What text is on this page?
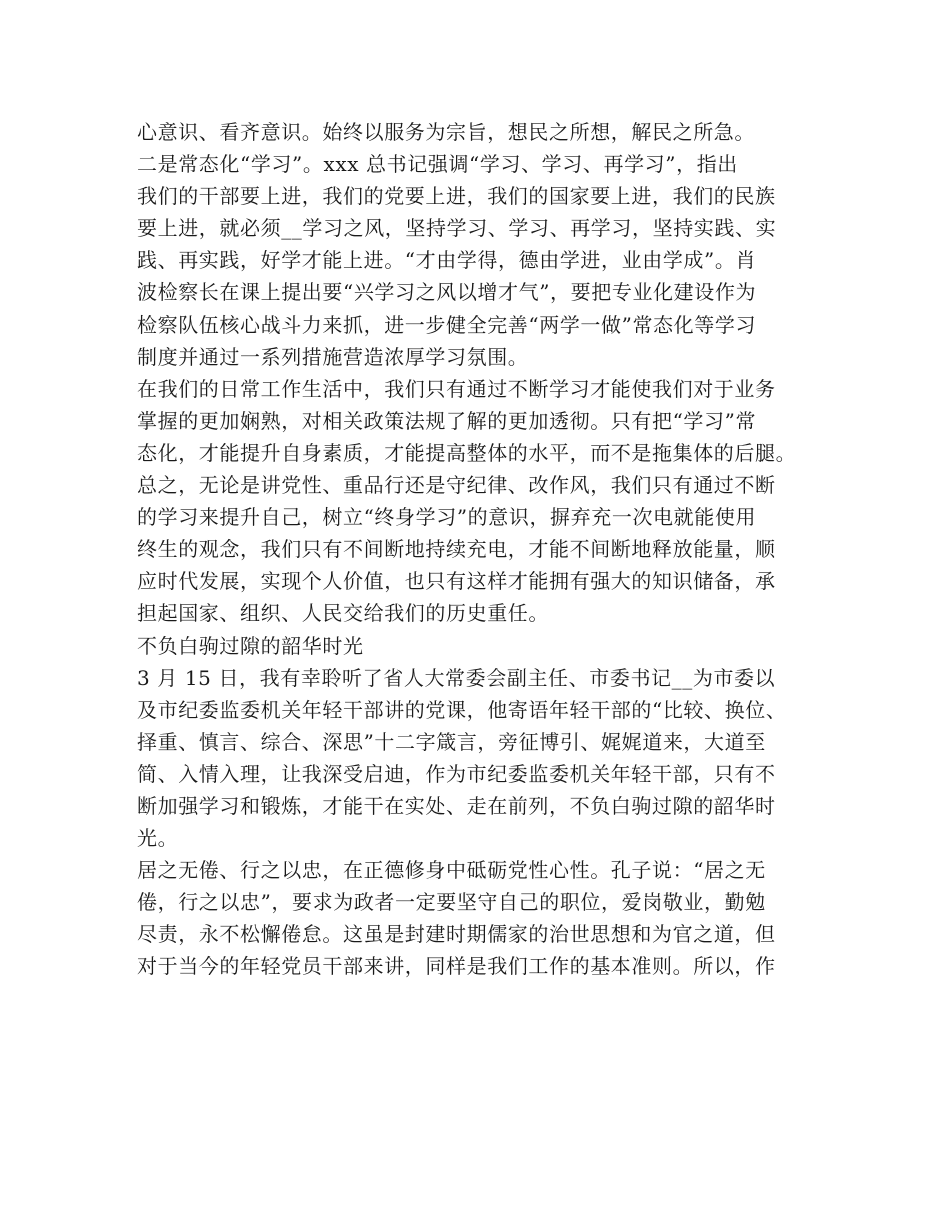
心意识、看齐意识。始终以服务为宗旨，想民之所想，解民之所急。
二是常态化“学习”。xxx 总书记强调“学习、学习、再学习”，指出
我们的干部要上进，我们的党要上进，我们的国家要上进，我们的民族
要上进，就必须__学习之风，坚持学习、学习、再学习，坚持实践、实
践、再实践，好学才能上进。“才由学得，德由学进，业由学成”。肖
波检察长在课上提出要“兴学习之风以增才气”，要把专业化建设作为
检察队伍核心战斗力来抓，进一步健全完善“两学一做”常态化等学习
制度并通过一系列措施营造浓厚学习氛围。
在我们的日常工作生活中，我们只有通过不断学习才能使我们对于业务
掌握的更加娴熟，对相关政策法规了解的更加透彻。只有把“学习”常
态化，才能提升自身素质，才能提高整体的水平，而不是拖集体的后腿。
总之，无论是讲党性、重品行还是守纪律、改作风，我们只有通过不断
的学习来提升自己，树立“终身学习”的意识，摒弃充一次电就能使用
终生的观念，我们只有不间断地持续充电，才能不间断地释放能量，顺
应时代发展，实现个人价值，也只有这样才能拥有强大的知识储备，承
担起国家、组织、人民交给我们的历史重任。
不负白驹过隙的韶华时光
3 月 15 日，我有幸聆听了省人大常委会副主任、市委书记__为市委以
及市纪委监委机关年轻干部讲的党课，他寄语年轻干部的“比较、换位、
择重、慎言、综合、深思”十二字箴言，旁征博引、娓娓道来，大道至
简、入情入理，让我深受启迪，作为市纪委监委机关年轻干部，只有不
断加强学习和锻炼，才能干在实处、走在前列，不负白驹过隙的韶华时
光。
居之无倦、行之以忠，在正德修身中砥砺党性心性。孔子说：“居之无
倦，行之以忠”，要求为政者一定要坚守自己的职位，爱岗敬业，勤勉
尽责，永不松懈倦怠。这虽是封建时期儒家的治世思想和为官之道，但
对于当今的年轻党员干部来讲，同样是我们工作的基本准则。所以，作
